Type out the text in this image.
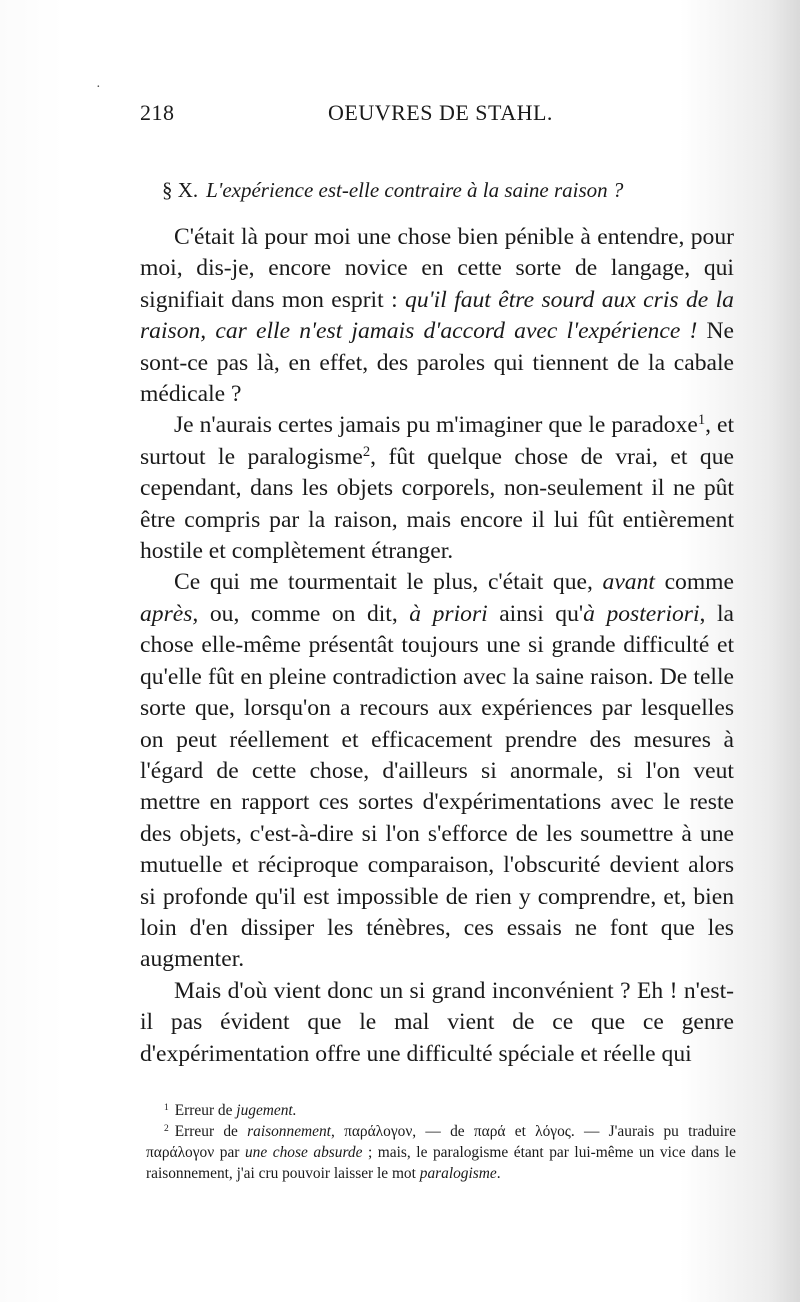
·
218	OEUVRES DE STAHL.
§ X. L'expérience est-elle contraire à la saine raison ?

C'était là pour moi une chose bien pénible à entendre, pour moi, dis-je, encore novice en cette sorte de langage, qui signifiait dans mon esprit : qu'il faut être sourd aux cris de la raison, car elle n'est jamais d'accord avec l'expérience ! Ne sont-ce pas là, en effet, des paroles qui tiennent de la cabale médicale ?

Je n'aurais certes jamais pu m'imaginer que le paradoxe$^1$, et surtout le paralogisme$^2$, fût quelque chose de vrai, et que cependant, dans les objets corporels, non-seulement il ne pût être compris par la raison, mais encore il lui fût entièrement hostile et complètement étranger.

Ce qui me tourmentait le plus, c'était que, avant comme après, ou, comme on dit, à priori ainsi qu'à posteriori, la chose elle-même présentât toujours une si grande difficulté et qu'elle fût en pleine contradiction avec la saine raison. De telle sorte que, lorsqu'on a recours aux expériences par lesquelles on peut réellement et efficacement prendre des mesures à l'égard de cette chose, d'ailleurs si anormale, si l'on veut mettre en rapport ces sortes d'expérimentations avec le reste des objets, c'est-à-dire si l'on s'efforce de les soumettre à une mutuelle et réciproque comparaison, l'obscurité devient alors si profonde qu'il est impossible de rien y comprendre, et, bien loin d'en dissiper les ténèbres, ces essais ne font que les augmenter.

Mais d'où vient donc un si grand inconvénient ? Eh ! n'est-il pas évident que le mal vient de ce que ce genre d'expérimentation offre une difficulté spéciale et réelle qui

$^1$ Erreur de jugement.

$^2$ Erreur de raisonnement, παράλογον, — de παρά et λόγος. — J'aurais pu traduire παράλογον par une chose absurde ; mais, le paralogisme étant par lui-même un vice dans le raisonnement, j'ai cru pouvoir laisser le mot paralogisme.
